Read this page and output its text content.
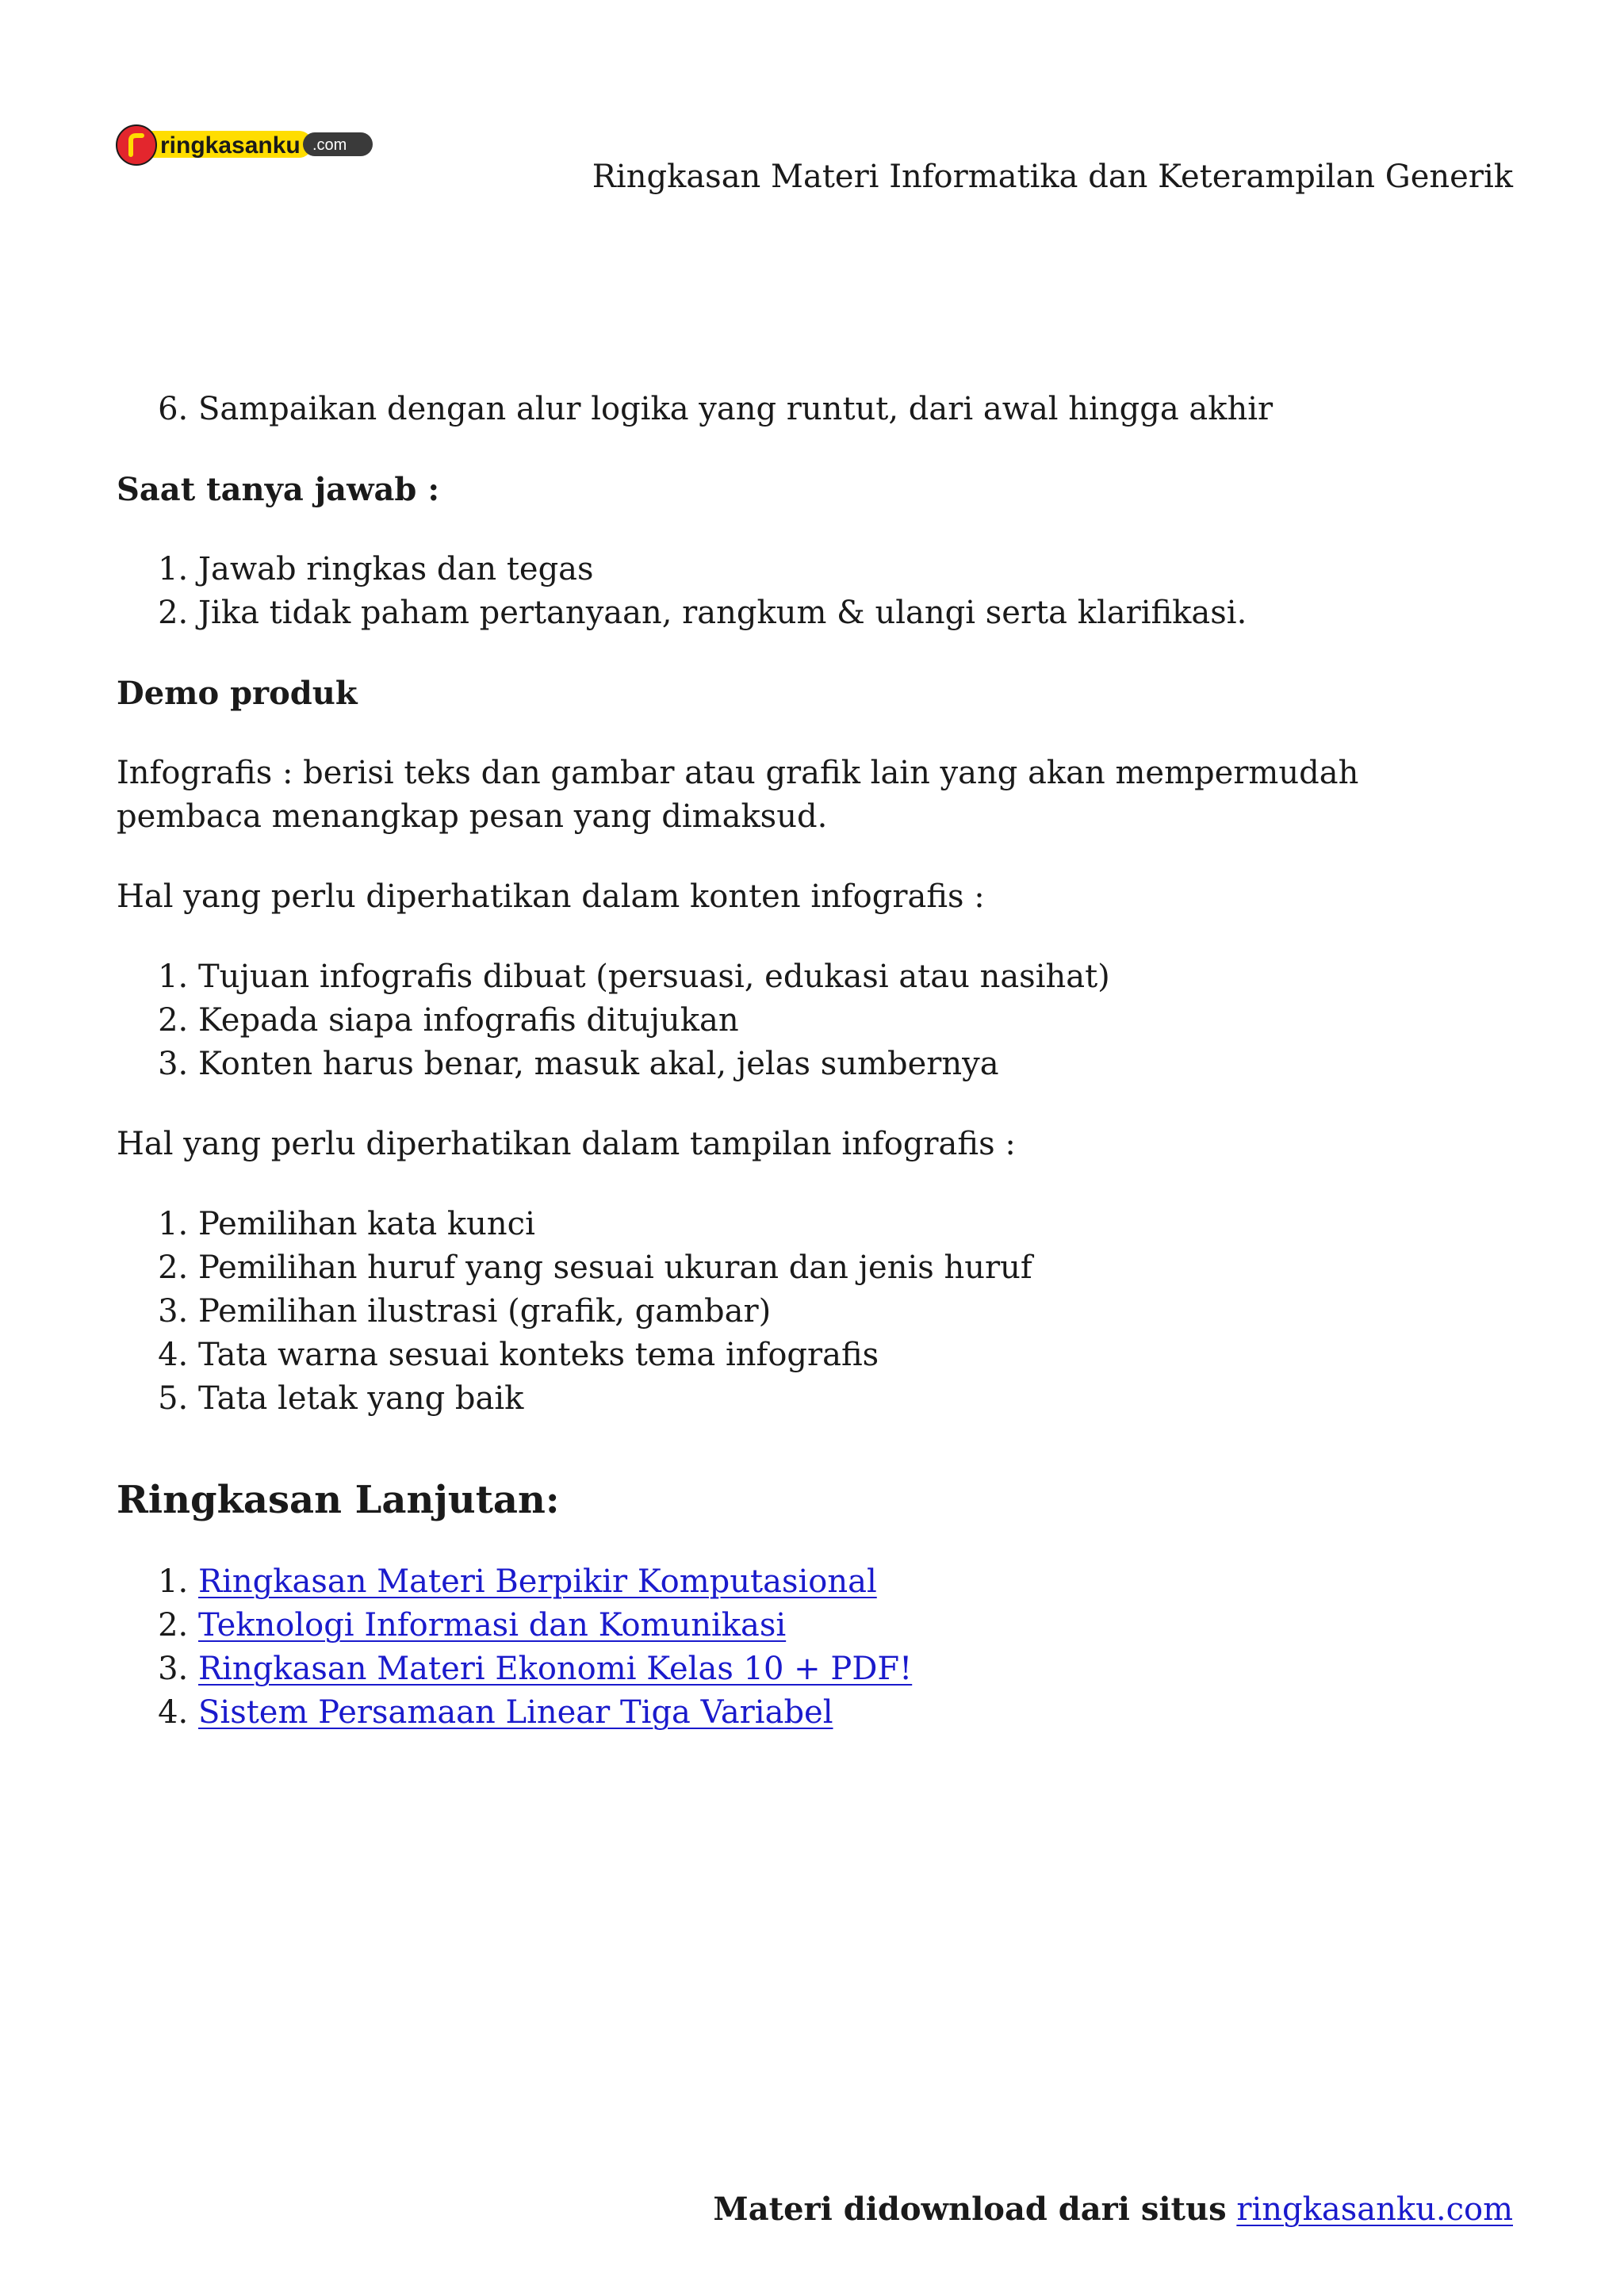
ringkasanku .com
Ringkasan Materi Informatika dan Keterampilan Generik
6. Sampaikan dengan alur logika yang runtut, dari awal hingga akhir

Saat tanya jawab :

1. Jawab ringkas dan tegas
2. Jika tidak paham pertanyaan, rangkum & ulangi serta klarifikasi.

Demo produk

Infografis : berisi teks dan gambar atau grafik lain yang akan mempermudah pembaca menangkap pesan yang dimaksud.

Hal yang perlu diperhatikan dalam konten infografis :

1. Tujuan infografis dibuat (persuasi, edukasi atau nasihat)
2. Kepada siapa infografis ditujukan
3. Konten harus benar, masuk akal, jelas sumbernya

Hal yang perlu diperhatikan dalam tampilan infografis :

1. Pemilihan kata kunci
2. Pemilihan huruf yang sesuai ukuran dan jenis huruf
3. Pemilihan ilustrasi (grafik, gambar)
4. Tata warna sesuai konteks tema infografis
5. Tata letak yang baik
Ringkasan Lanjutan:
1. Ringkasan Materi Berpikir Komputasional
2. Teknologi Informasi dan Komunikasi
3. Ringkasan Materi Ekonomi Kelas 10 + PDF!
4. Sistem Persamaan Linear Tiga Variabel
Materi didownload dari situs ringkasanku.com
